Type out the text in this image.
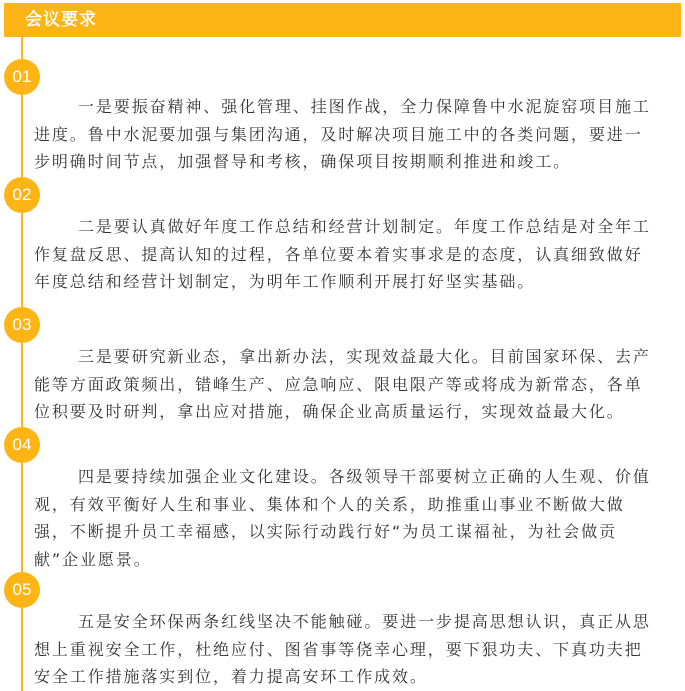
会议要求
01

一是要振奋精神、强化管理、挂图作战，全力保障鲁中水泥旋窑项目施工进度。鲁中水泥要加强与集团沟通，及时解决项目施工中的各类问题，要进一步明确时间节点，加强督导和考核，确保项目按期顺利推进和竣工。

02

二是要认真做好年度工作总结和经营计划制定。年度工作总结是对全年工作复盘反思、提高认知的过程，各单位要本着实事求是的态度，认真细致做好年度总结和经营计划制定，为明年工作顺利开展打好坚实基础。

03

三是要研究新业态，拿出新办法，实现效益最大化。目前国家环保、去产能等方面政策频出，错峰生产、应急响应、限电限产等或将成为新常态，各单位积要及时研判，拿出应对措施，确保企业高质量运行，实现效益最大化。

04

四是要持续加强企业文化建设。各级领导干部要树立正确的人生观、价值观，有效平衡好人生和事业、集体和个人的关系，助推重山事业不断做大做强，不断提升员工幸福感，以实际行动践行好“为员工谋福祉，为社会做贡献”企业愿景。

05

五是安全环保两条红线坚决不能触碰。要进一步提高思想认识，真正从思想上重视安全工作，杜绝应付、图省事等侥幸心理，要下狠功夫、下真功夫把安全工作措施落实到位，着力提高安环工作成效。
